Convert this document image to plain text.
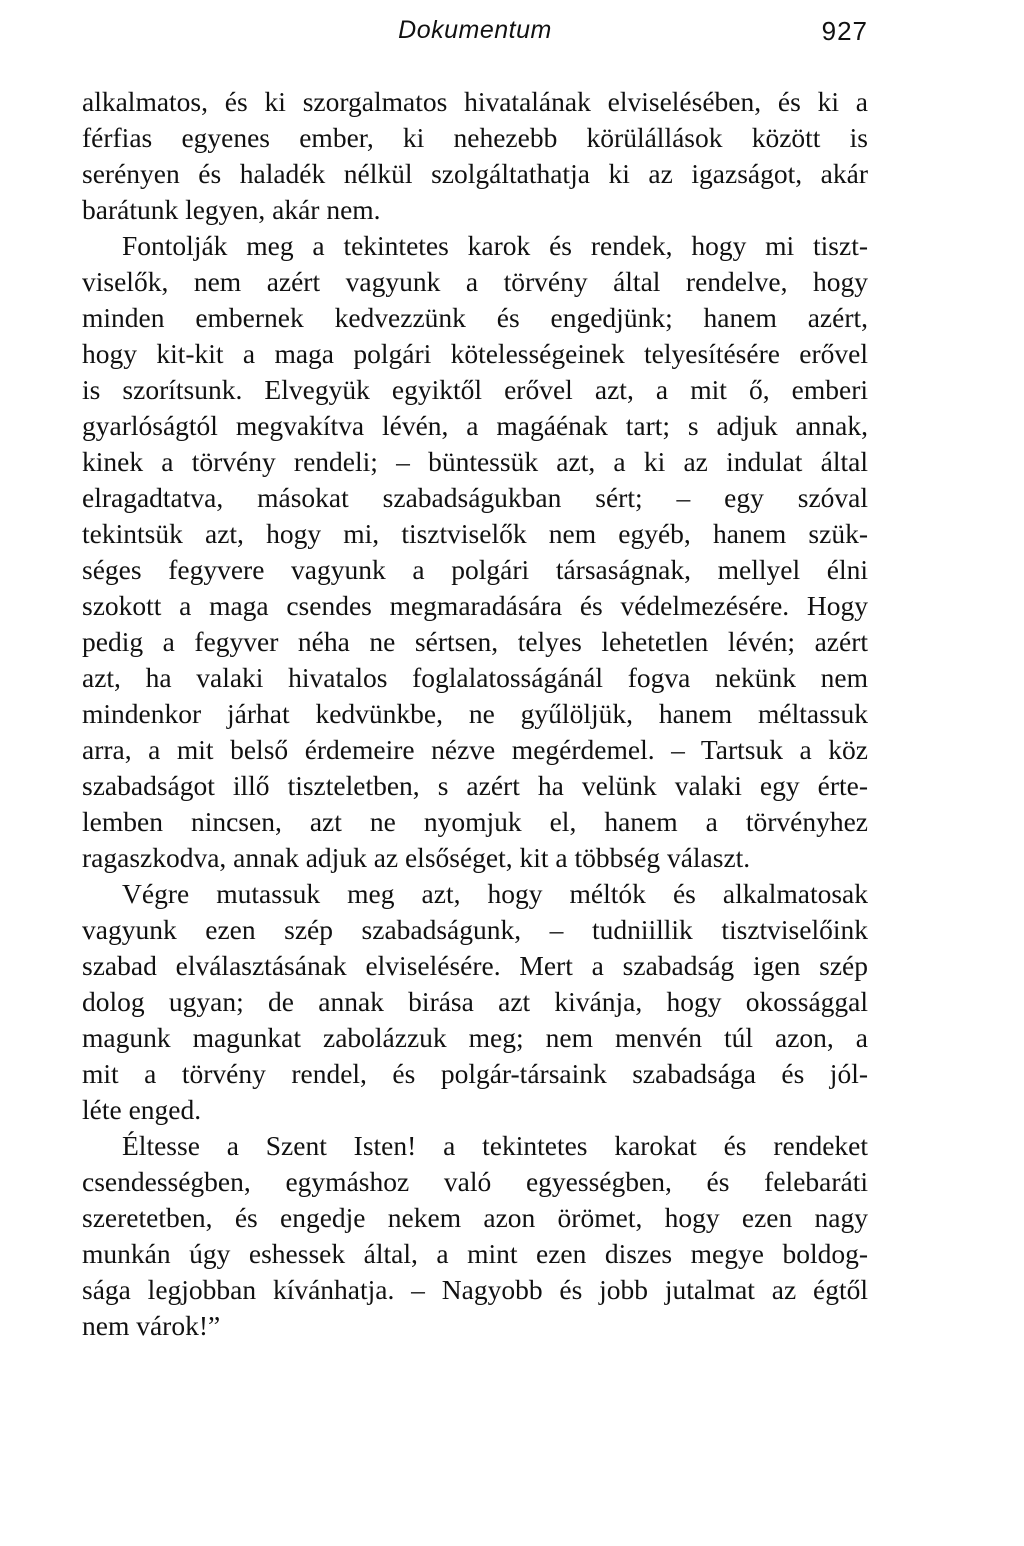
Dokumentum	927

alkalmatos, és ki szorgalmatos hivatalának elviselésében, és ki a
férfias egyenes ember, ki nehezebb körülállások között is
serényen és haladék nélkül szolgáltathatja ki az igazságot, akár
barátunk legyen, akár nem.

Fontolják meg a tekintetes karok és rendek, hogy mi tiszt-
viselők, nem azért vagyunk a törvény által rendelve, hogy
minden embernek kedvezzünk és engedjünk; hanem azért,
hogy kit-kit a maga polgári kötelességeinek telyesítésére erővel
is szorítsunk. Elvegyük egyiktől erővel azt, a mit ő, emberi
gyarlóságtól megvakítva lévén, a magáénak tart; s adjuk annak,
kinek a törvény rendeli; – büntessük azt, a ki az indulat által
elragadtatva, másokat szabadságukban sért; – egy szóval
tekintsük azt, hogy mi, tisztviselők nem egyéb, hanem szük-
séges fegyvere vagyunk a polgári társaságnak, mellyel élni
szokott a maga csendes megmaradására és védelmezésére. Hogy
pedig a fegyver néha ne sértsen, telyes lehetetlen lévén; azért
azt, ha valaki hivatalos foglalatosságánál fogva nekünk nem
mindenkor járhat kedvünkbe, ne gyűlöljük, hanem méltassuk
arra, a mit belső érdemeire nézve megérdemel. – Tartsuk a köz
szabadságot illő tiszteletben, s azért ha velünk valaki egy érte-
lemben nincsen, azt ne nyomjuk el, hanem a törvényhez
ragaszkodva, annak adjuk az elsőséget, kit a többség választ.

Végre mutassuk meg azt, hogy méltók és alkalmatosak
vagyunk ezen szép szabadságunk, – tudniillik tisztviselőink
szabad elválasztásának elviselésére. Mert a szabadság igen szép
dolog ugyan; de annak birása azt kivánja, hogy okossággal
magunk magunkat zabolázzuk meg; nem menvén túl azon, a
mit a törvény rendel, és polgár-társaink szabadsága és jól-
léte enged.

Éltesse a Szent Isten! a tekintetes karokat és rendeket
csendességben, egymáshoz való egyességben, és felebaráti
szeretetben, és engedje nekem azon örömet, hogy ezen nagy
munkán úgy eshessek által, a mint ezen diszes megye boldog-
sága legjobban kívánhatja. – Nagyobb és jobb jutalmat az égtől
nem várok!”
